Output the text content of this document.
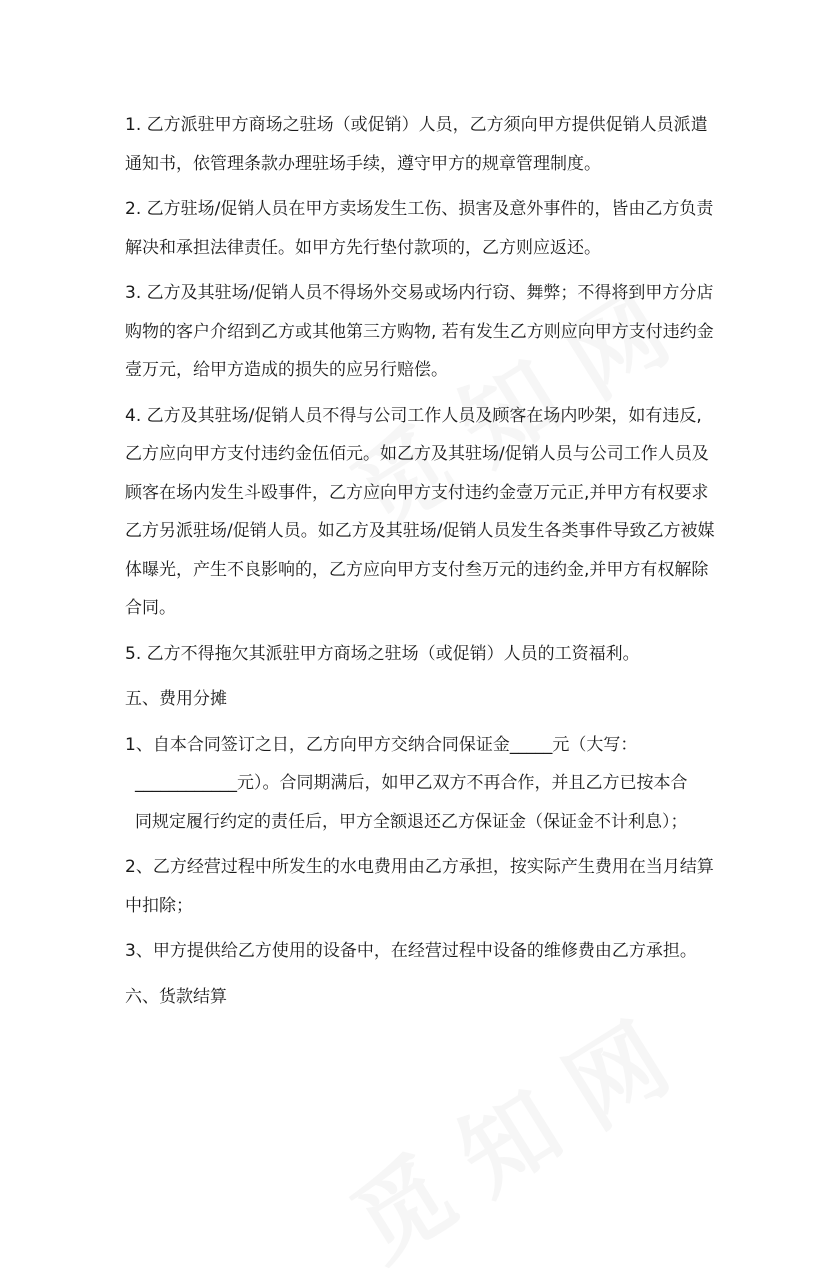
1. 乙方派驻甲方商场之驻场（或促销）人员，乙方须向甲方提供促销人员派遣
通知书，依管理条款办理驻场手续，遵守甲方的规章管理制度。

2. 乙方驻场/促销人员在甲方卖场发生工伤、损害及意外事件的，皆由乙方负责
解决和承担法律责任。如甲方先行垫付款项的，乙方则应返还。

3. 乙方及其驻场/促销人员不得场外交易或场内行窃、舞弊；不得将到甲方分店
购物的客户介绍到乙方或其他第三方购物, 若有发生乙方则应向甲方支付违约金
壹万元，给甲方造成的损失的应另行赔偿。

4. 乙方及其驻场/促销人员不得与公司工作人员及顾客在场内吵架，如有违反,
乙方应向甲方支付违约金伍佰元。如乙方及其驻场/促销人员与公司工作人员及
顾客在场内发生斗殴事件，乙方应向甲方支付违约金壹万元正,并甲方有权要求
乙方另派驻场/促销人员。如乙方及其驻场/促销人员发生各类事件导致乙方被媒
体曝光，产生不良影响的，乙方应向甲方支付叁万元的违约金,并甲方有权解除
合同。

5. 乙方不得拖欠其派驻甲方商场之驻场（或促销）人员的工资福利。

五、费用分摊

1、自本合同签订之日，乙方向甲方交纳合同保证金_____元（大写：
____________元）。合同期满后，如甲乙双方不再合作，并且乙方已按本合
同规定履行约定的责任后，甲方全额退还乙方保证金（保证金不计利息）；

2、乙方经营过程中所发生的水电费用由乙方承担，按实际产生费用在当月结算
中扣除；

3、甲方提供给乙方使用的设备中，在经营过程中设备的维修费由乙方承担。

六、货款结算
